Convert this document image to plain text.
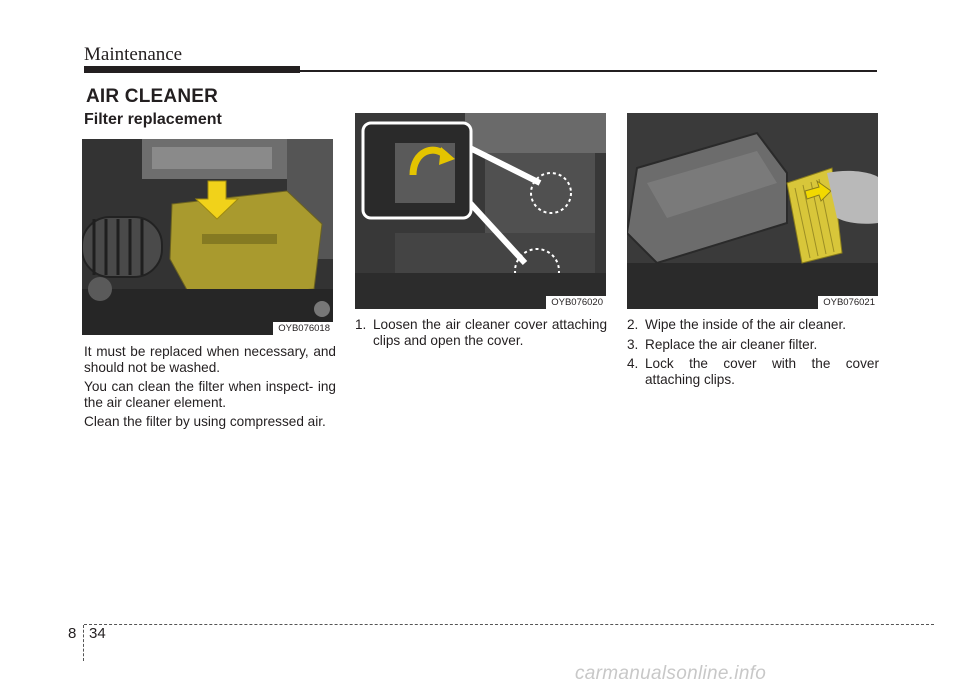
Maintenance
AIR CLEANER
Filter replacement
OYB076018
OYB076020	OYB076021

It must be replaced when necessary, and should not be washed.

You can clean the filter when inspect- ing the air cleaner element.

Clean the filter by using compressed air.

1. Loosen the air cleaner cover attaching clips and open the cover.
2. Wipe the inside of the air cleaner.
3. Replace the air cleaner filter.
4. Lock the cover with the cover attaching clips.
8 34
carmanualsonline.info
